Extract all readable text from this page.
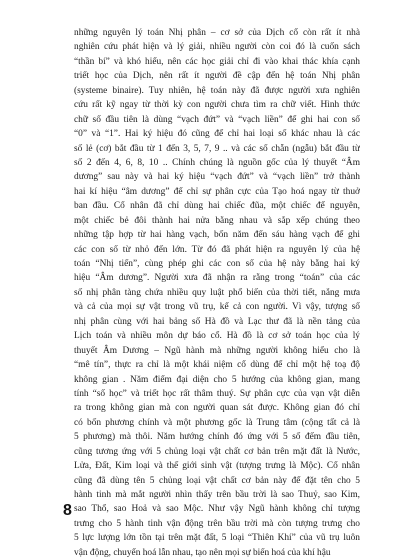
những nguyên lý toán Nhị phân – cơ sở của Dịch cổ còn rất ít nhà
nghiên cứu phát hiện và lý giải, nhiều người còn coi đó là cuốn sách
“thần bí” và khó hiểu, nên các học giải chỉ đi vào khai thác khía cạnh
triết học của Dịch, nên rất ít người đề cập đến hệ toán Nhị phân
(systeme binaire). Tuy nhiên, hệ toán này đã được người xưa nghiên
cứu rất kỹ ngay từ thời kỳ con người chưa tìm ra chữ viết. Hình thức
chữ số đầu tiên là dùng “vạch đứt” và “vạch liền” để ghi hai con số
“0” và “1”. Hai ký hiệu đó cũng để chỉ hai loại số khác nhau là các
số lẻ (cơ) bắt đầu từ 1 đến 3, 5, 7, 9 .. và các số chẵn (ngẫu) bắt đầu từ
số 2 đến 4, 6, 8, 10 .. Chính chúng là nguồn gốc của lý thuyết “Âm
dương” sau này và hai ký hiệu “vạch đứt” và “vạch liền” trở thành
hai kí hiệu “âm dương” để chỉ sự phân cực của Tạo hoá ngay từ thuở
ban đầu. Cổ nhân đã chỉ dùng hai chiếc đũa, một chiếc để nguyên,
một chiếc bẻ đôi thành hai nửa bằng nhau và sắp xếp chúng theo
những tập hợp từ hai hàng vạch, bốn năm đến sáu hàng vạch để ghi
các con số từ nhỏ đến lớn. Từ đó đã phát hiện ra nguyên lý của hệ
toán “Nhị tiến”, cùng phép ghi các con số của hệ này bằng hai ký
hiệu “Âm dương”. Người xưa đã nhận ra rằng trong “toán” của các
số nhị phân tàng chứa nhiều quy luật phổ biến của thời tiết, nắng mưa
và cả của mọi sự vật trong vũ trụ, kể cả con người. Vì vậy, tượng số
nhị phân cùng với hai bảng số Hà đồ và Lạc thư đã là nền tảng của
Lịch toán và nhiều môn dự báo cổ. Hà đồ là cơ sở toán học của lý
thuyết Âm Dương – Ngũ hành mà những người không hiểu cho là
“mê tín”, thực ra chỉ là một khái niệm cổ dùng để chỉ một hệ toạ độ
không gian . Năm điểm đại diện cho 5 hướng của không gian, mang
tính “số học” và triết học rất thâm thuý. Sự phân cực của vạn vật diễn
ra trong không gian mà con người quan sát được. Không gian đó chỉ
có bốn phương chính và một phương gốc là Trung tâm (cộng tất cả là
5 phương) mà thôi. Năm hướng chính đó ứng với 5 số đếm đầu tiên,
cũng tương ứng với 5 chủng loại vật chất cơ bản trên mặt đất là Nước,
Lửa, Đất, Kim loại và thế giới sinh vật (tượng trưng là Mộc). Cổ nhân
cũng đã dùng tên 5 chủng loại vật chất cơ bản này để đặt tên cho 5
hành tinh mà mắt người nhìn thấy trên bầu trời là sao Thuỷ, sao Kim,
sao Thổ, sao Hoả và sao Mộc. Như vậy Ngũ hành không chỉ tượng
trưng cho 5 hành tinh vận động trên bầu trời mà còn tượng trưng cho
5 lực lượng lớn tồn tại trên mặt đất, 5 loại “Thiên Khí” của vũ trụ luôn
vận động, chuyển hoá lẫn nhau, tạo nên mọi sự biến hoá của khí hậu
8
